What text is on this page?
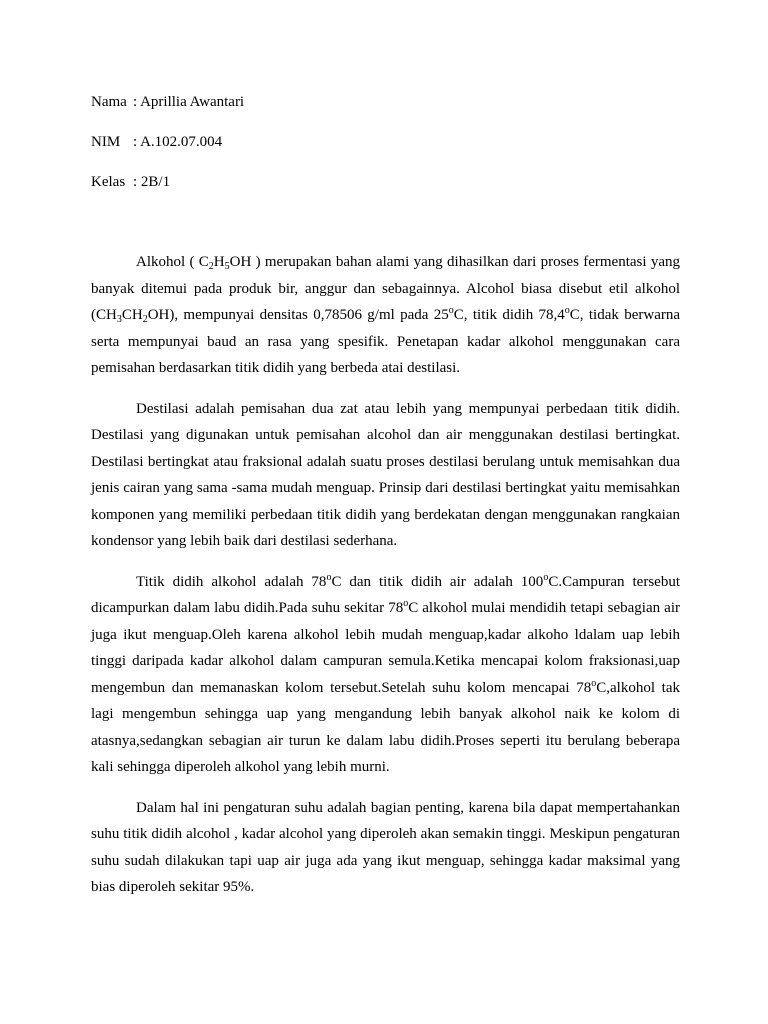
Nama : Aprillia Awantari
NIM : A.102.07.004
Kelas : 2B/1

Alkohol ( $C_2H_5OH$ ) merupakan bahan alami yang dihasilkan dari proses fermentasi yang banyak ditemui pada produk bir, anggur dan sebagainnya. Alcohol biasa disebut etil alkohol $(CH_3CH_2OH)$, mempunyai densitas 0,78506 g/ml pada 25$^o$C, titik didih 78,4$^o$C, tidak berwarna serta mempunyai baud an rasa yang spesifik. Penetapan kadar alkohol menggunakan cara pemisahan berdasarkan titik didih yang berbeda atai destilasi.

Destilasi adalah pemisahan dua zat atau lebih yang mempunyai perbedaan titik didih. Destilasi yang digunakan untuk pemisahan alcohol dan air menggunakan destilasi bertingkat. Destilasi bertingkat atau fraksional adalah suatu proses destilasi berulang untuk memisahkan dua jenis cairan yang sama -sama mudah menguap. Prinsip dari destilasi bertingkat yaitu memisahkan komponen yang memiliki perbedaan titik didih yang berdekatan dengan menggunakan rangkaian kondensor yang lebih baik dari destilasi sederhana.

Titik didih alkohol adalah 78$^o$C dan titik didih air adalah 100$^o$C.Campuran tersebut dicampurkan dalam labu didih.Pada suhu sekitar 78$^o$C alkohol mulai mendidih tetapi sebagian air juga ikut menguap.Oleh karena alkohol lebih mudah menguap,kadar alkoho ldalam uap lebih tinggi daripada kadar alkohol dalam campuran semula.Ketika mencapai kolom fraksionasi,uap mengembun dan memanaskan kolom tersebut.Setelah suhu kolom mencapai 78$^o$C,alkohol tak lagi mengembun sehingga uap yang mengandung lebih banyak alkohol naik ke kolom di atasnya,sedangkan sebagian air turun ke dalam labu didih.Proses seperti itu berulang beberapa kali sehingga diperoleh alkohol yang lebih murni.

Dalam hal ini pengaturan suhu adalah bagian penting, karena bila dapat mempertahankan suhu titik didih alcohol , kadar alcohol yang diperoleh akan semakin tinggi. Meskipun pengaturan suhu sudah dilakukan tapi uap air juga ada yang ikut menguap, sehingga kadar maksimal yang bias diperoleh sekitar 95%.
